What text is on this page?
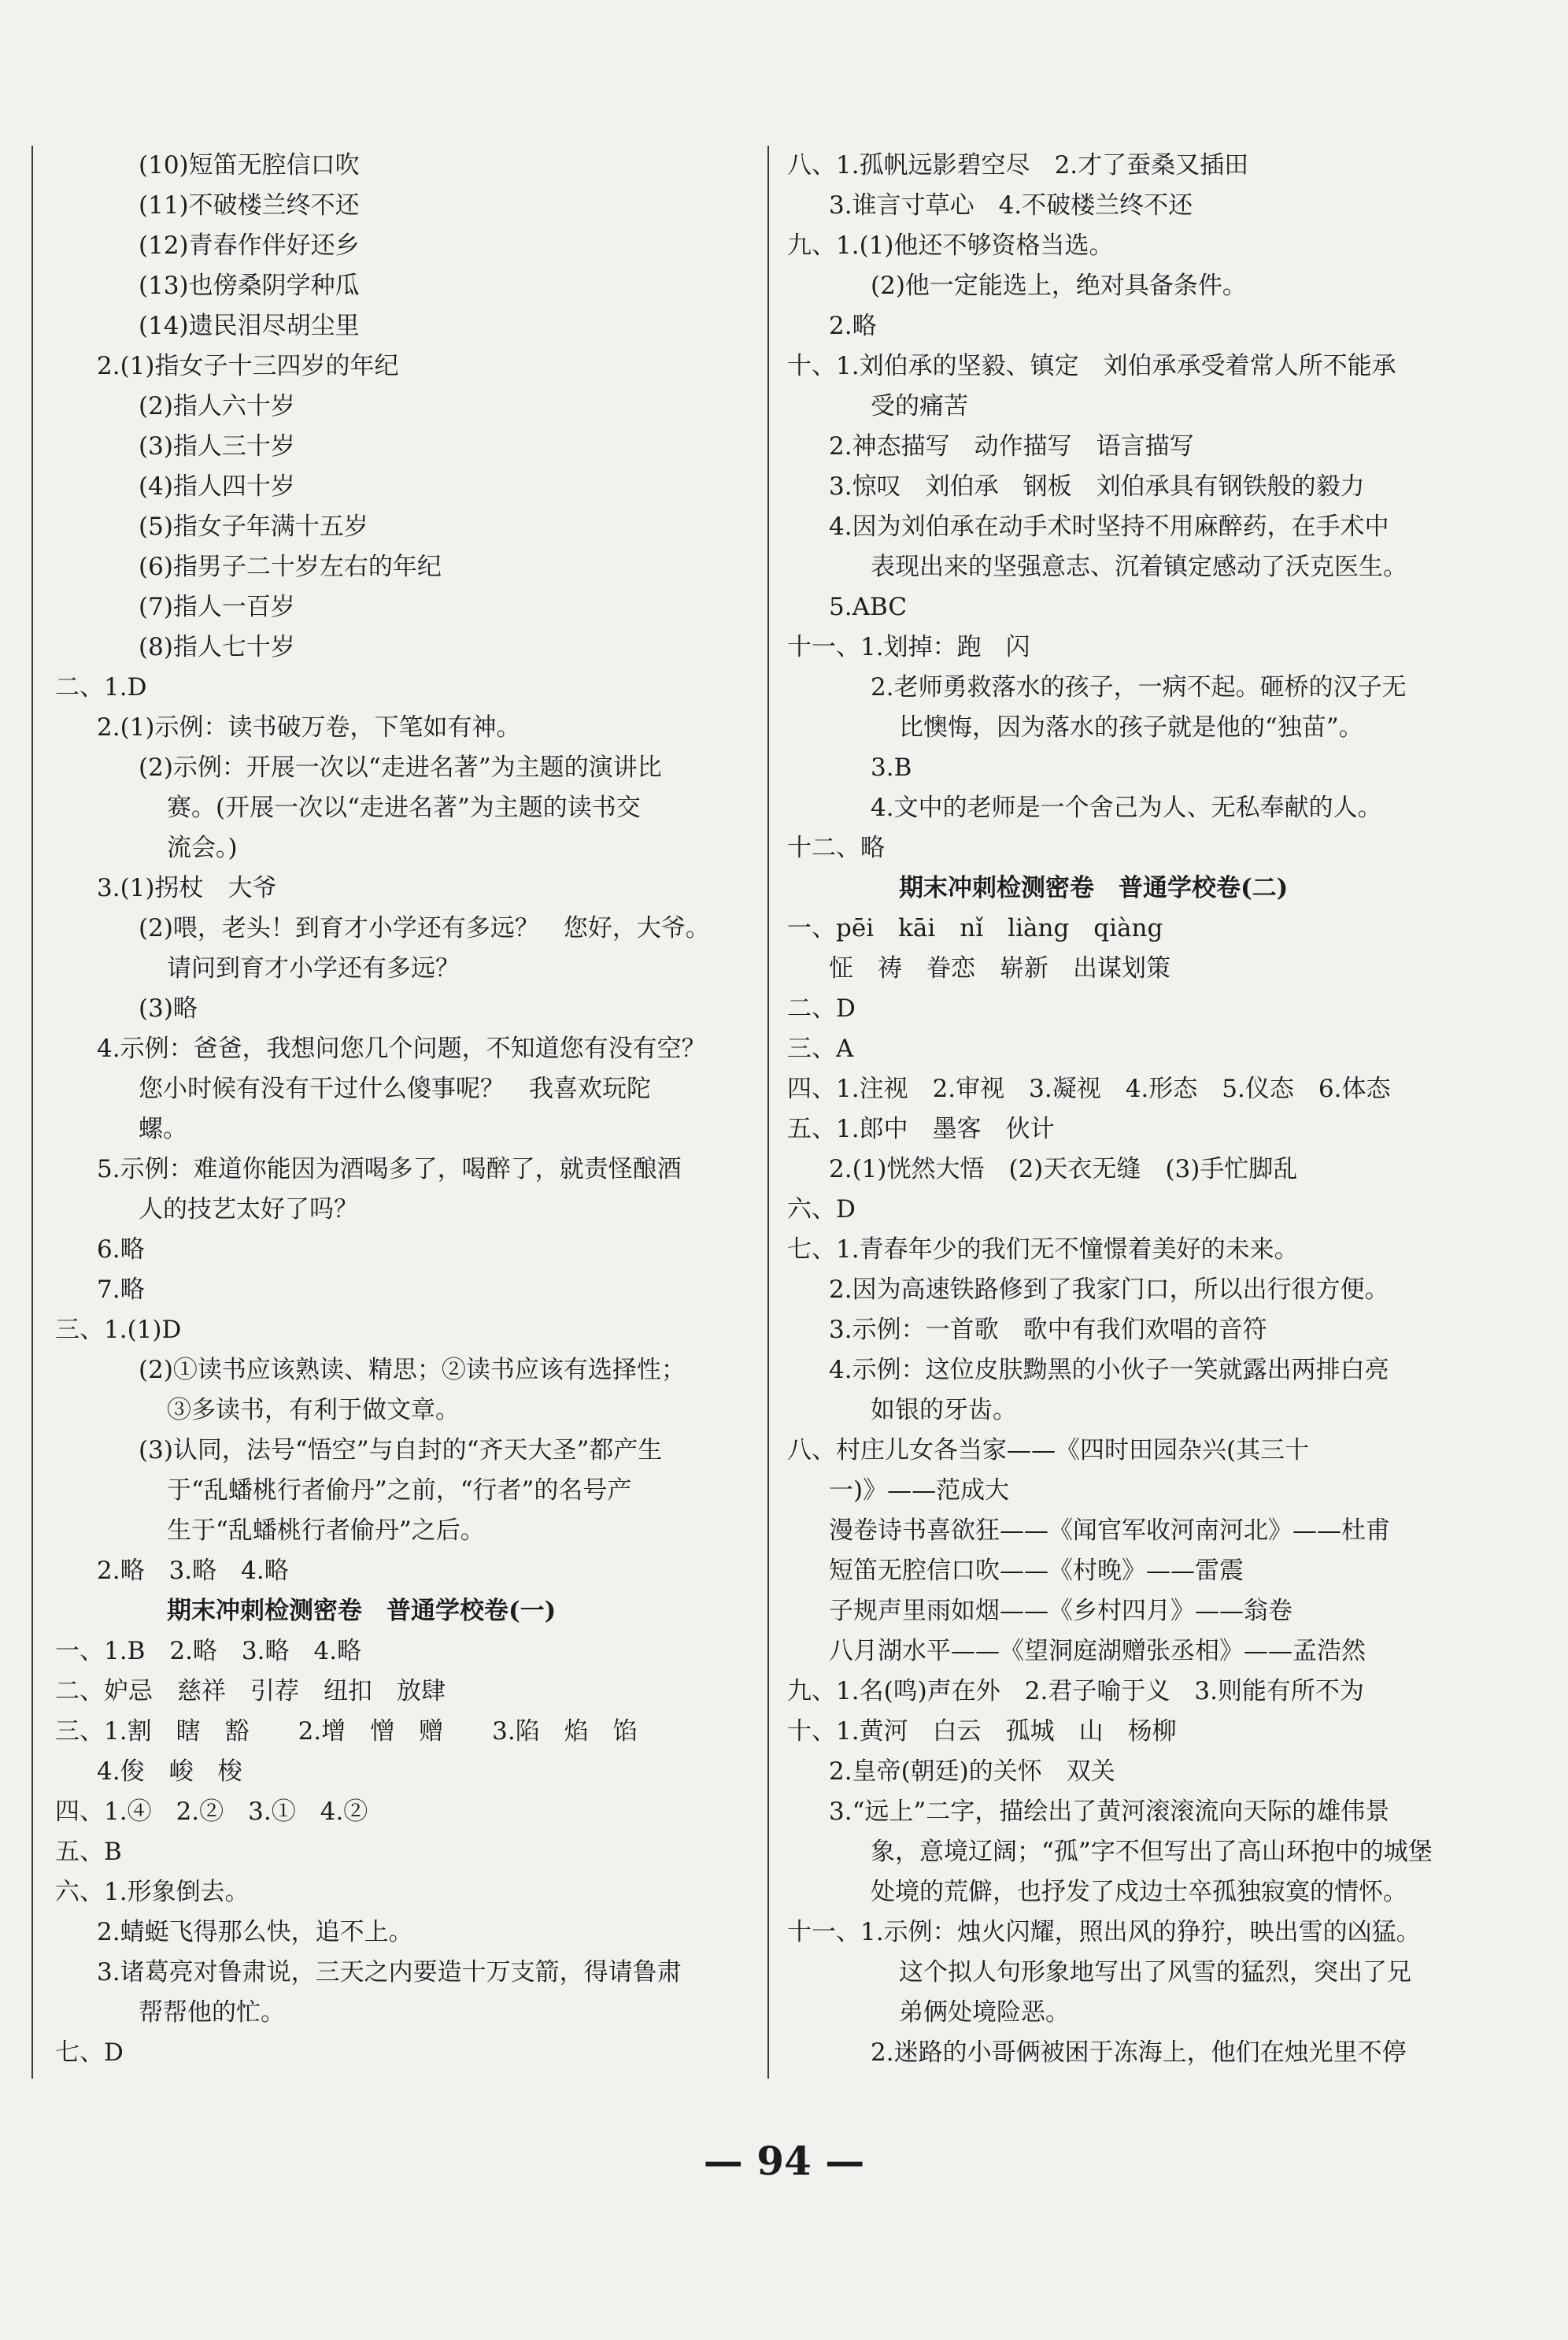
(10)短笛无腔信口吹
(11)不破楼兰终不还
(12)青春作伴好还乡
(13)也傍桑阴学种瓜
(14)遗民泪尽胡尘里
2.(1)指女子十三四岁的年纪
(2)指人六十岁
(3)指人三十岁
(4)指人四十岁
(5)指女子年满十五岁
(6)指男子二十岁左右的年纪
(7)指人一百岁
(8)指人七十岁
二、1.D
2.(1)示例：读书破万卷，下笔如有神。
(2)示例：开展一次以“走进名著”为主题的演讲比
赛。(开展一次以“走进名著”为主题的读书交
流会。)
3.(1)拐杖　大爷
(2)喂，老头！到育才小学还有多远？　您好，大爷。
请问到育才小学还有多远？
(3)略
4.示例：爸爸，我想问您几个问题，不知道您有没有空？
您小时候有没有干过什么傻事呢？　我喜欢玩陀
螺。
5.示例：难道你能因为酒喝多了，喝醉了，就责怪酿酒
人的技艺太好了吗？
6.略
7.略
三、1.(1)D
(2)①读书应该熟读、精思；②读书应该有选择性；
③多读书，有利于做文章。
(3)认同，法号“悟空”与自封的“齐天大圣”都产生
于“乱蟠桃行者偷丹”之前，“行者”的名号产
生于“乱蟠桃行者偷丹”之后。
2.略　3.略　4.略
期末冲刺检测密卷　普通学校卷(一)
一、1.B　2.略　3.略　4.略
二、妒忌　慈祥　引荐　纽扣　放肆
三、1.割　瞎　豁　　2.增　憎　赠　　3.陷　焰　馅
4.俊　峻　梭
四、1.④　2.②　3.①　4.②
五、B
六、1.形象倒去。
2.蜻蜓飞得那么快，追不上。
3.诸葛亮对鲁肃说，三天之内要造十万支箭，得请鲁肃
帮帮他的忙。
七、D
八、1.孤帆远影碧空尽　2.才了蚕桑又插田
3.谁言寸草心　4.不破楼兰终不还
九、1.(1)他还不够资格当选。
(2)他一定能选上，绝对具备条件。
2.略
十、1.刘伯承的坚毅、镇定　刘伯承承受着常人所不能承
受的痛苦
2.神态描写　动作描写　语言描写
3.惊叹　刘伯承　钢板　刘伯承具有钢铁般的毅力
4.因为刘伯承在动手术时坚持不用麻醉药，在手术中
表现出来的坚强意志、沉着镇定感动了沃克医生。
5.ABC
十一、1.划掉：跑　闪
2.老师勇救落水的孩子，一病不起。砸桥的汉子无
比懊悔，因为落水的孩子就是他的“独苗”。
3.B
4.文中的老师是一个舍己为人、无私奉献的人。
十二、略
期末冲刺检测密卷　普通学校卷(二)
一、pēi　kāi　nǐ　liàng　qiàng
怔　祷　眷恋　崭新　出谋划策
二、D
三、A
四、1.注视　2.审视　3.凝视　4.形态　5.仪态　6.体态
五、1.郎中　墨客　伙计
2.(1)恍然大悟　(2)天衣无缝　(3)手忙脚乱
六、D
七、1.青春年少的我们无不憧憬着美好的未来。
2.因为高速铁路修到了我家门口，所以出行很方便。
3.示例：一首歌　歌中有我们欢唱的音符
4.示例：这位皮肤黝黑的小伙子一笑就露出两排白亮
如银的牙齿。
八、村庄儿女各当家——《四时田园杂兴(其三十
一)》——范成大
漫卷诗书喜欲狂——《闻官军收河南河北》——杜甫
短笛无腔信口吹——《村晚》——雷震
子规声里雨如烟——《乡村四月》——翁卷
八月湖水平——《望洞庭湖赠张丞相》——孟浩然
九、1.名(鸣)声在外　2.君子喻于义　3.则能有所不为
十、1.黄河　白云　孤城　山　杨柳
2.皇帝(朝廷)的关怀　双关
3.“远上”二字，描绘出了黄河滚滚流向天际的雄伟景
象，意境辽阔；“孤”字不但写出了高山环抱中的城堡
处境的荒僻，也抒发了戍边士卒孤独寂寞的情怀。
十一、1.示例：烛火闪耀，照出风的狰狞，映出雪的凶猛。
这个拟人句形象地写出了风雪的猛烈，突出了兄
弟俩处境险恶。
2.迷路的小哥俩被困于冻海上，他们在烛光里不停
— 94 —
